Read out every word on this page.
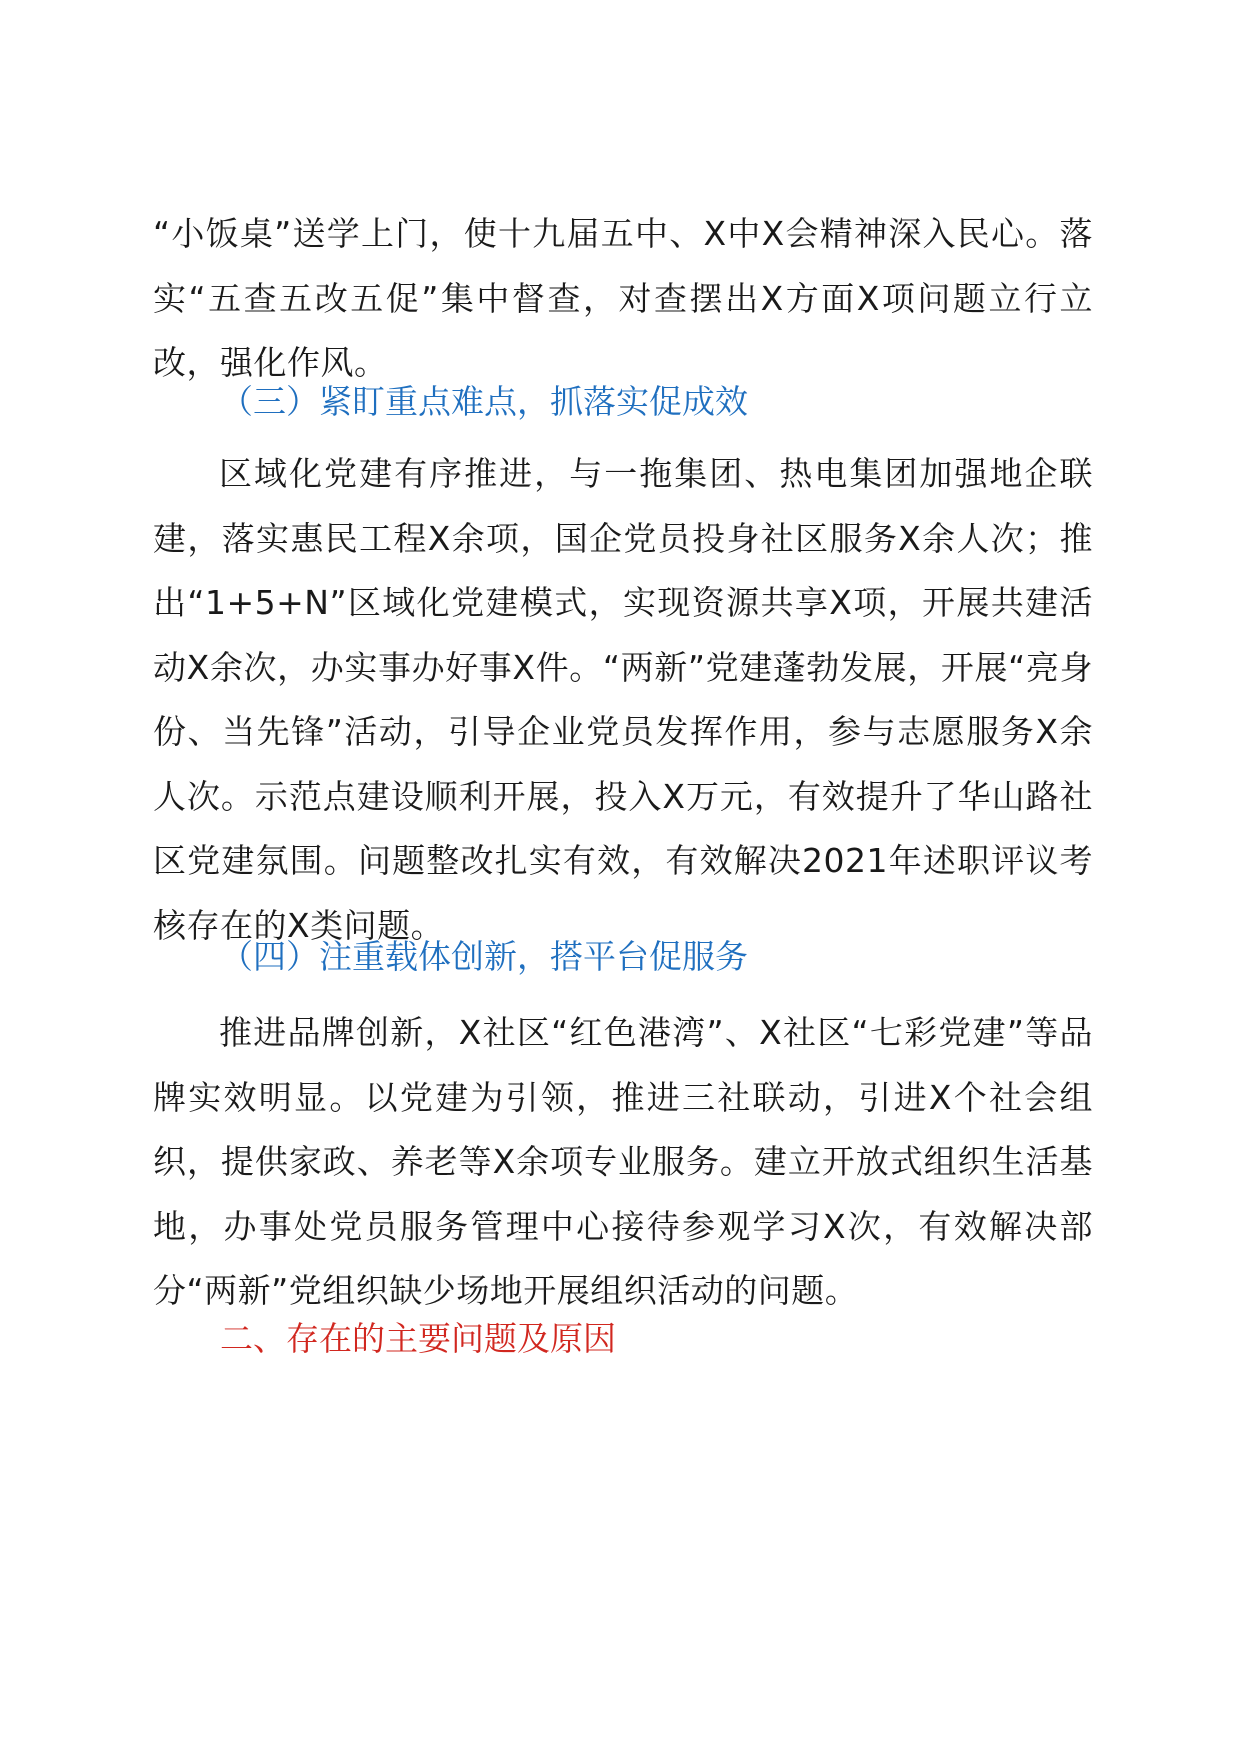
“小饭桌”送学上门，使十九届五中、X中X会精神深入民心。落实“五查五改五促”集中督查，对查摆出X方面X项问题立行立改，强化作风。

（三）紧盯重点难点，抓落实促成效

区域化党建有序推进，与一拖集团、热电集团加强地企联建，落实惠民工程X余项，国企党员投身社区服务X余人次；推出“1+5+N”区域化党建模式，实现资源共享X项，开展共建活动X余次，办实事办好事X件。“两新”党建蓬勃发展，开展“亮身份、当先锋”活动，引导企业党员发挥作用，参与志愿服务X余人次。示范点建设顺利开展，投入X万元，有效提升了华山路社区党建氛围。问题整改扎实有效，有效解决2021年述职评议考核存在的X类问题。

（四）注重载体创新，搭平台促服务

推进品牌创新，X社区“红色港湾”、X社区“七彩党建”等品牌实效明显。以党建为引领，推进三社联动，引进X个社会组织，提供家政、养老等X余项专业服务。建立开放式组织生活基地，办事处党员服务管理中心接待参观学习X次，有效解决部分“两新”党组织缺少场地开展组织活动的问题。

二、存在的主要问题及原因
